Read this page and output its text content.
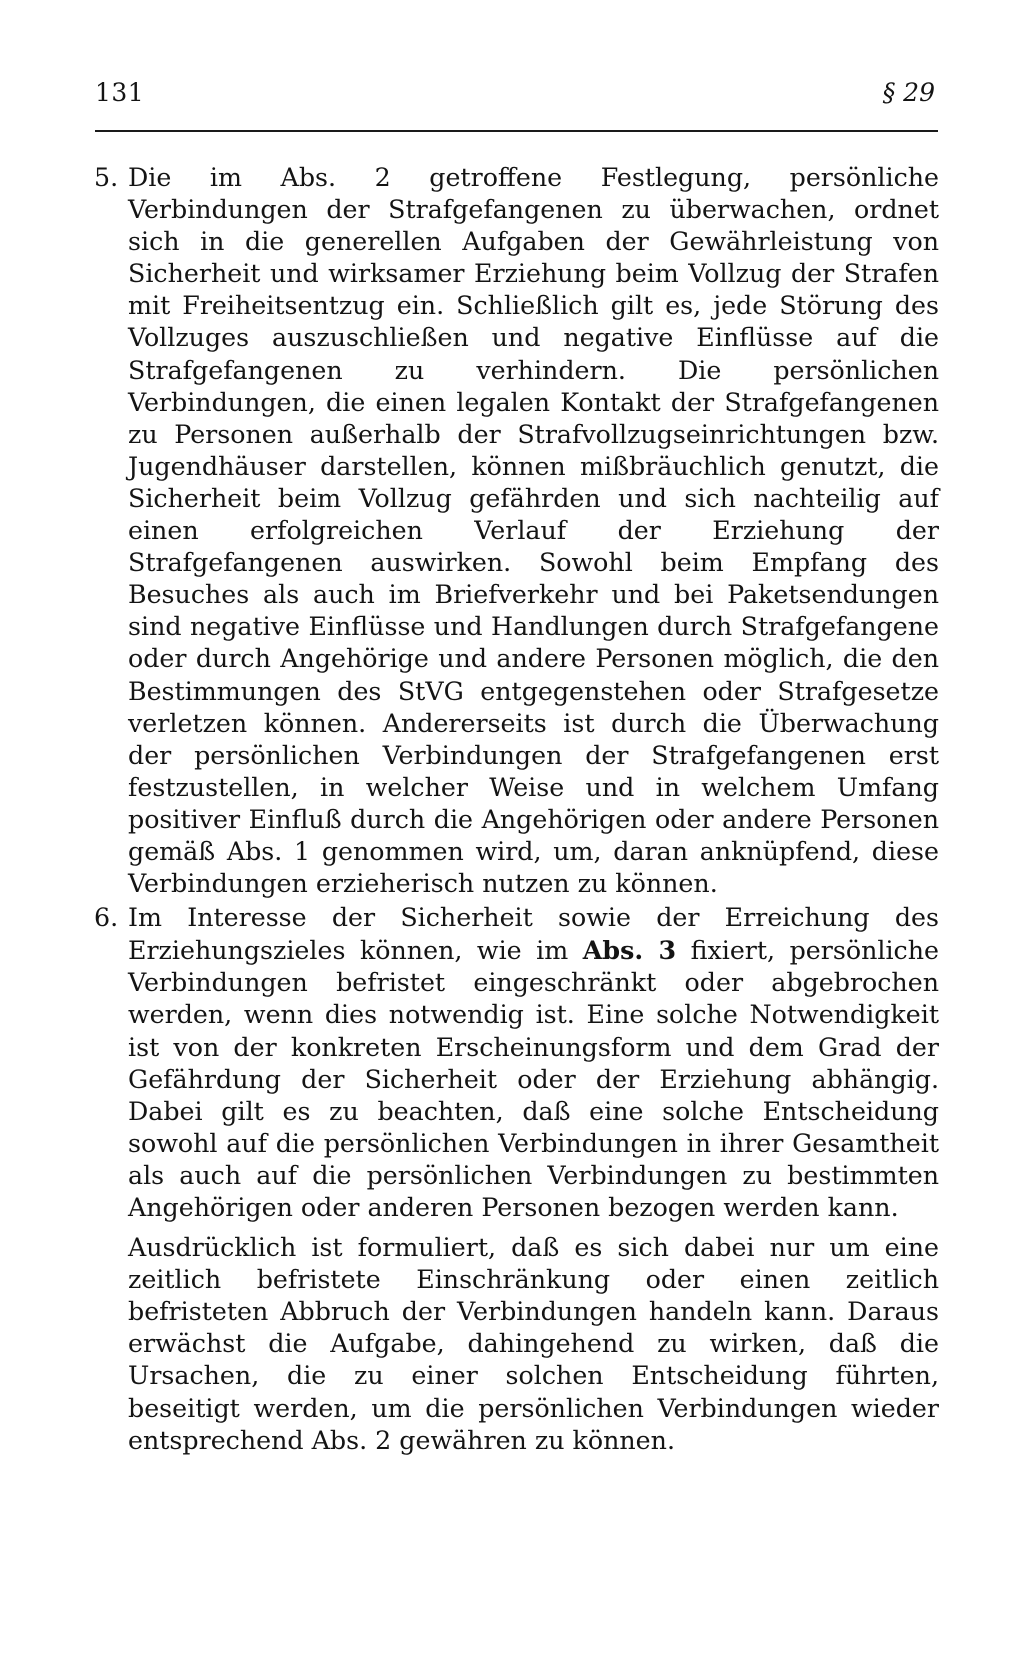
131	§ 29
5. Die im Abs. 2 getroffene Festlegung, persönliche Verbindungen der Strafgefangenen zu überwachen, ordnet sich in die generellen Aufgaben der Gewährleistung von Sicherheit und wirksamer Erziehung beim Vollzug der Strafen mit Freiheitsentzug ein. Schließlich gilt es, jede Störung des Vollzuges auszuschließen und negative Einflüsse auf die Strafgefangenen zu verhindern. Die persönlichen Verbindungen, die einen legalen Kontakt der Strafgefangenen zu Personen außerhalb der Strafvollzugseinrichtungen bzw. Jugendhäuser darstellen, können mißbräuchlich genutzt, die Sicherheit beim Vollzug gefährden und sich nachteilig auf einen erfolgreichen Verlauf der Erziehung der Strafgefangenen auswirken. Sowohl beim Empfang des Besuches als auch im Briefverkehr und bei Paketsendungen sind negative Einflüsse und Handlungen durch Strafgefangene oder durch Angehörige und andere Personen möglich, die den Bestimmungen des StVG entgegenstehen oder Strafgesetze verletzen können. Andererseits ist durch die Überwachung der persönlichen Verbindungen der Strafgefangenen erst festzustellen, in welcher Weise und in welchem Umfang positiver Einfluß durch die Angehörigen oder andere Personen gemäß Abs. 1 genommen wird, um, daran anknüpfend, diese Verbindungen erzieherisch nutzen zu können.
6. Im Interesse der Sicherheit sowie der Erreichung des Erziehungszieles können, wie im Abs. 3 fixiert, persönliche Verbindungen befristet eingeschränkt oder abgebrochen werden, wenn dies notwendig ist. Eine solche Notwendigkeit ist von der konkreten Erscheinungsform und dem Grad der Gefährdung der Sicherheit oder der Erziehung abhängig. Dabei gilt es zu beachten, daß eine solche Entscheidung sowohl auf die persönlichen Verbindungen in ihrer Gesamtheit als auch auf die persönlichen Verbindungen zu bestimmten Angehörigen oder anderen Personen bezogen werden kann.
Ausdrücklich ist formuliert, daß es sich dabei nur um eine zeitlich befristete Einschränkung oder einen zeitlich befristeten Abbruch der Verbindungen handeln kann. Daraus erwächst die Aufgabe, dahingehend zu wirken, daß die Ursachen, die zu einer solchen Entscheidung führten, beseitigt werden, um die persönlichen Verbindungen wieder entsprechend Abs. 2 gewähren zu können.
